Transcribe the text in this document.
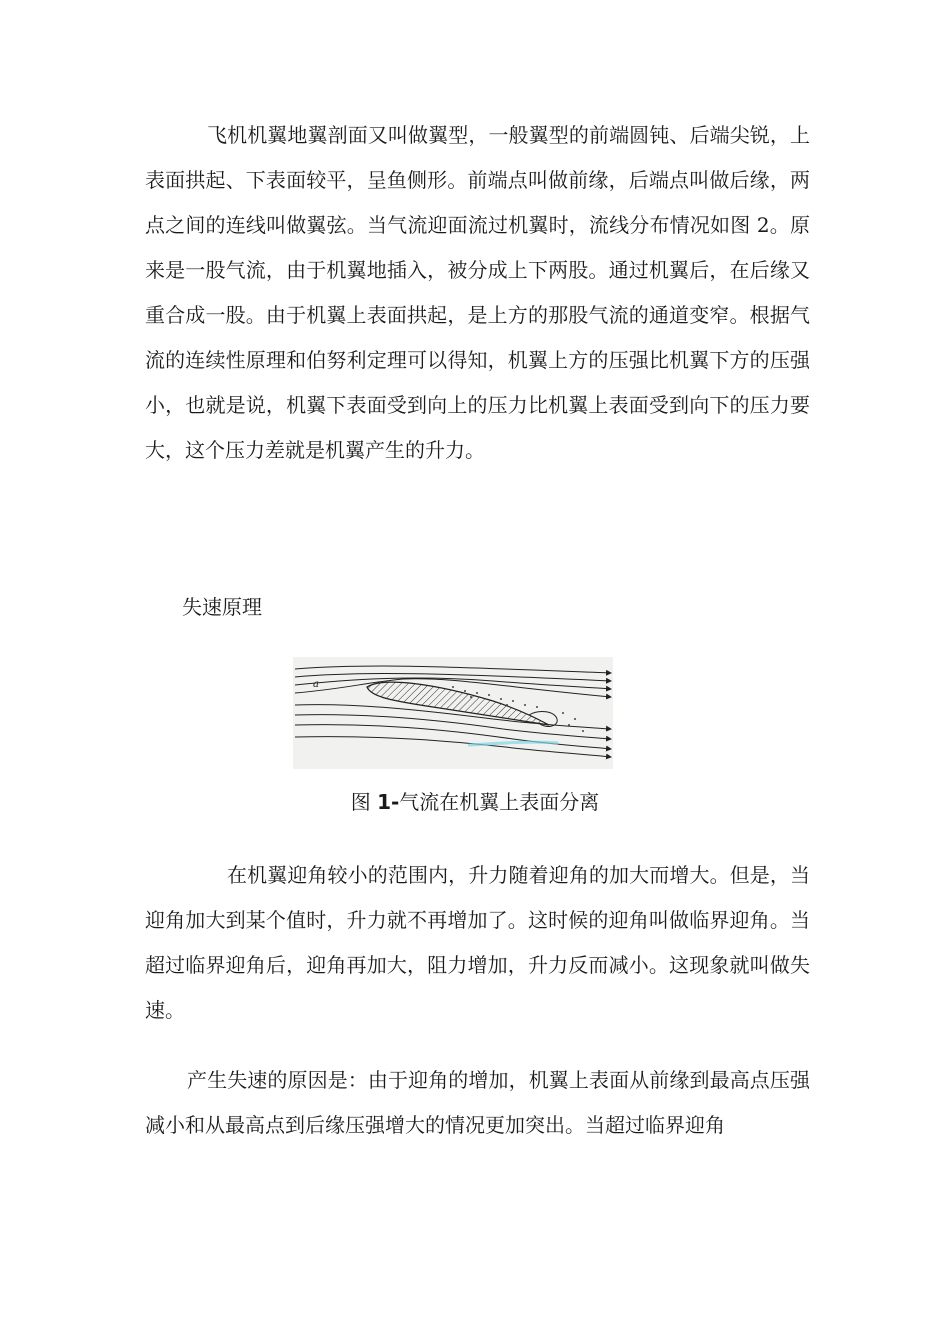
飞机机翼地翼剖面又叫做翼型，一般翼型的前端圆钝、后端尖锐，上表面拱起、下表面较平，呈鱼侧形。前端点叫做前缘，后端点叫做后缘，两点之间的连线叫做翼弦。当气流迎面流过机翼时，流线分布情况如图 2。原来是一股气流，由于机翼地插入，被分成上下两股。通过机翼后，在后缘又重合成一股。由于机翼上表面拱起，是上方的那股气流的通道变窄。根据气流的连续性原理和伯努利定理可以得知，机翼上方的压强比机翼下方的压强小，也就是说，机翼下表面受到向上的压力比机翼上表面受到向下的压力要大，这个压力差就是机翼产生的升力。

失速原理

a
图 1-气流在机翼上表面分离

在机翼迎角较小的范围内，升力随着迎角的加大而增大。但是，当迎角加大到某个值时，升力就不再增加了。这时候的迎角叫做临界迎角。当超过临界迎角后，迎角再加大，阻力增加，升力反而减小。这现象就叫做失速。

产生失速的原因是：由于迎角的增加，机翼上表面从前缘到最高点压强减小和从最高点到后缘压强增大的情况更加突出。当超过临界迎角
